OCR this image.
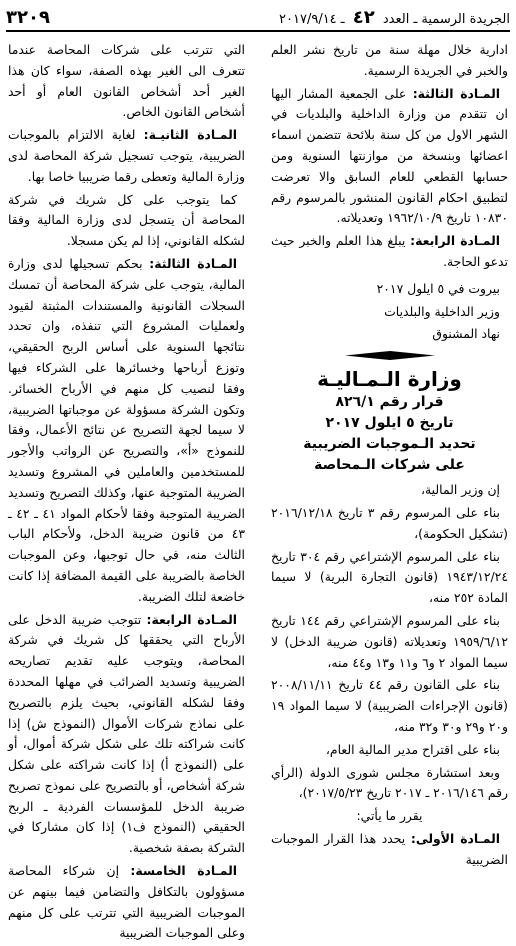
الجريدة الرسمية ـ العدد ٤٢ ـ ٢٠١٧/٩/١٤
٣٢٠٩

ادارية خلال مهلة سنة من تاريخ نشر العلم والخبر في الجريدة الرسمية.

المـادة الثالثة: على الجمعية المشار اليها ان تتقدم من وزارة الداخلية والبلديات في الشهر الاول من كل سنة بلائحة تتضمن اسماء اعضائها وبنسخة من موازنتها السنوية ومن حسابها القطعي للعام السابق والا تعرضت لتطبيق احكام القانون المنشور بالمرسوم رقم ١٠٨٣٠ تاريخ ١٩٦٢/١٠/٩ وتعديلاته.

المـادة الرابعة: يبلغ هذا العلم والخبر حيث تدعو الحاجة.

بيروت في ٥ ايلول ٢٠١٧

وزير الداخلية والبلديات

نهاد المشنوق

وزارة الـمـاليـة
قرار رقم ٨٢٦/١
تاريخ ٥ ايلول ٢٠١٧
تحديد الـموجبات الضريبية
على شركات الـمحاصة

إن وزير المالية،

بناء على المرسوم رقم ٣ تاريخ ٢٠١٦/١٢/١٨ (تشكيل الحكومة)،

بناء على المرسوم الإشتراعي رقم ٣٠٤ تاريخ ١٩٤٣/١٢/٢٤ (قانون التجارة البرية) لا سيما المادة ٢٥٢ منه،

بناء على المرسوم الإشتراعي رقم ١٤٤ تاريخ ١٩٥٩/٦/١٢ وتعديلاته (قانون ضريبة الدخل) لا سيما المواد ٢ و٦ و١١ و١٣ و٤٤ منه،

بناء على القانون رقم ٤٤ تاريخ ٢٠٠٨/١١/١١ (قانون الإجراءات الضريبية) لا سيما المواد ١٩ و٢٠ و٢٩ و٣٠ و٣٢ منه،

بناء على اقتراح مدير المالية العام،

وبعد استشارة مجلس شورى الدولة (الرأي رقم ٢٠١٦/١٤٦ ـ ٢٠١٧ تاريخ ٢٠١٧/٥/٢٣)،

يقرر ما يأتي:

المـادة الأولى: يحدد هذا القرار الموجبات الضريبية

التي تترتب على شركات المحاصة عندما تتعرف الى الغير بهذه الصفة، سواء كان هذا الغير أحد أشخاص القانون العام أو أحد أشخاص القانون الخاص.

المـادة الثانيـة: لغاية الالتزام بالموجبات الضريبية، يتوجب تسجيل شركة المحاصة لدى وزارة المالية وتعطى رقما ضريبيا خاصا بها.

كما يتوجب على كل شريك في شركة المحاصة أن يتسجل لدى وزارة المالية وفقا لشكله القانوني، إذا لم يكن مسجلا.

المـادة الثالثة: بحكم تسجيلها لدى وزارة المالية، يتوجب على شركة المحاصة أن تمسك السجلات القانونية والمستندات المثبتة لقيود ولعمليات المشروع التي تنفذه، وان تحدد نتائجها السنوية على أساس الربح الحقيقي، وتوزع أرباحها وخسائرها على الشركاء فيها وفقا لنصيب كل منهم في الأرباح الخسائر. وتكون الشركة مسؤولة عن موجباتها الضريبية، لا سيما لجهة التصريح عن نتائج الأعمال، وفقا للنموذج «أ»، والتصريح عن الرواتب والأجور للمستخدمين والعاملين في المشروع وتسديد الضريبة المتوجبة عنها، وكذلك التصريح وتسديد الضريبة المتوجبة وفقا لأحكام المواد ٤١ ـ ٤٢ ـ ٤٣ من قانون ضريبة الدخل، ولأحكام الباب الثالث منه، في حال توجبها، وعن الموجبات الخاصة بالضريبة على القيمة المضافة إذا كانت خاضعة لتلك الضريبة.

المـادة الرابعة: تتوجب ضريبة الدخل على الأرباح التي يحققها كل شريك في شركة المحاصة، ويتوجب عليه تقديم تصاريحه الضريبية وتسديد الضرائب في مهلها المحددة وفقا لشكله القانوني، بحيث يلزم بالتصريح على نماذج شركات الأموال (النموذج ش) إذا كانت شراكته تلك على شكل شركة أموال، أو على (النموذج أ) إذا كانت شراكته على شكل شركة أشخاص، أو بالتصريح على نموذج تصريح ضريبة الدخل للمؤسسات الفردية ـ الربح الحقيقي (النموذج ف١) إذا كان مشاركا في الشركة بصفة شخصية.

المـادة الخامسة: إن شركاء المحاصة مسؤولون بالتكافل والتضامن فيما بينهم عن الموجبات الضريبية التي تترتب على كل منهم وعلى الموجبات الضريبية
